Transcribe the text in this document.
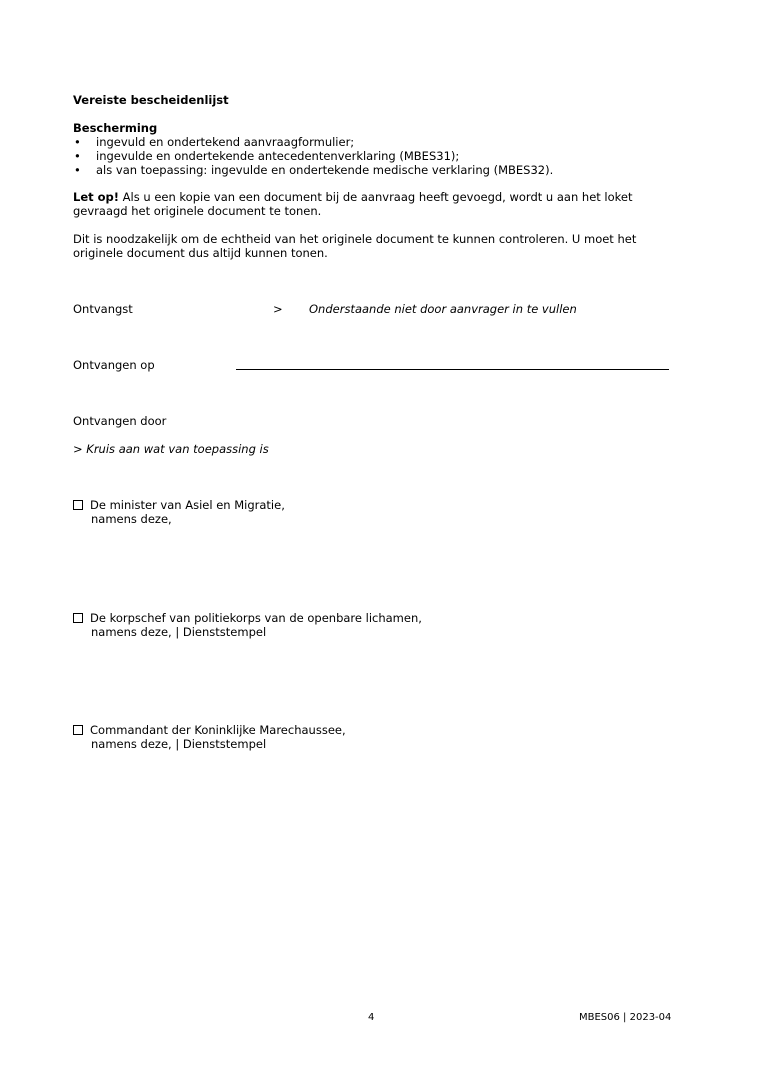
Vereiste bescheidenlijst
Bescherming
• ingevuld en ondertekend aanvraagformulier;
• ingevulde en ondertekende antecedentenverklaring (MBES31);
• als van toepassing: ingevulde en ondertekende medische verklaring (MBES32).
Let op! Als u een kopie van een document bij de aanvraag heeft gevoegd, wordt u aan het loket gevraagd het originele document te tonen.
Dit is noodzakelijk om de echtheid van het originele document te kunnen controleren. U moet het originele document dus altijd kunnen tonen.
Ontvangst	> Onderstaande niet door aanvrager in te vullen
Ontvangen op
Ontvangen door
> Kruis aan wat van toepassing is
De minister van Asiel en Migratie,
namens deze,
De korpschef van politiekorps van de openbare lichamen,
namens deze, | Dienststempel
Commandant der Koninklijke Marechaussee,
namens deze, | Dienststempel
4	MBES06 | 2023-04
